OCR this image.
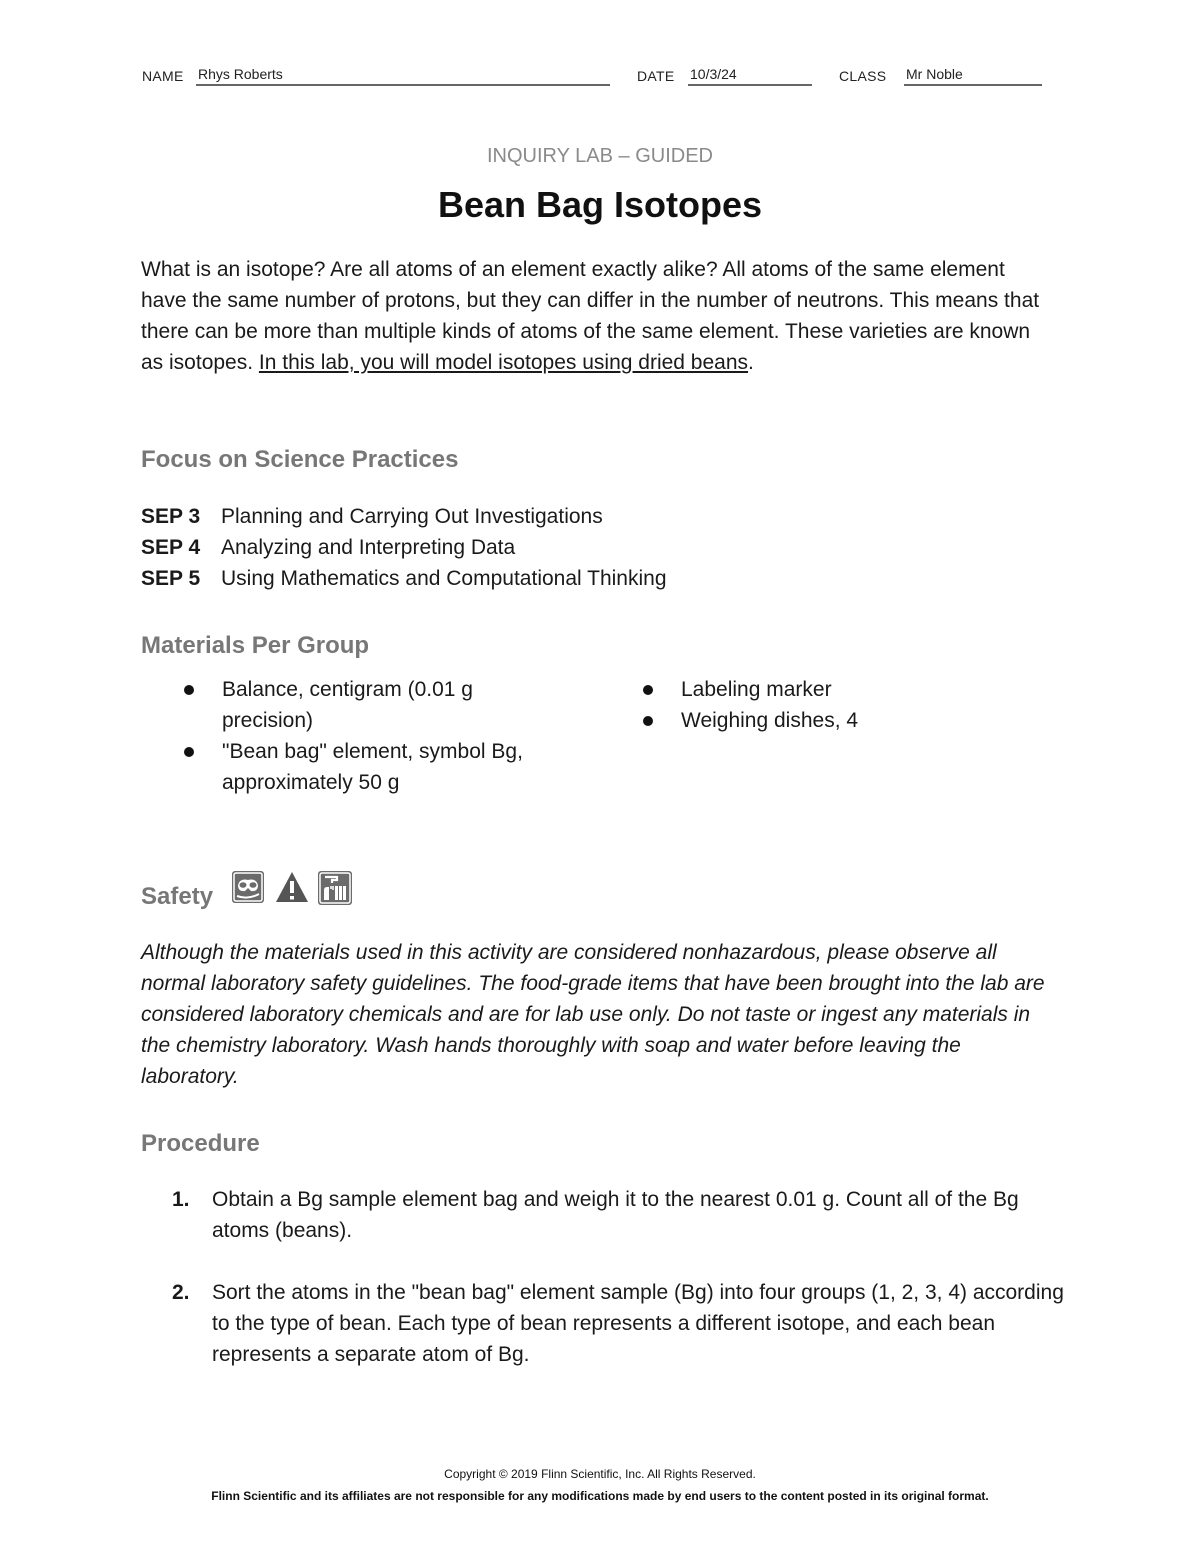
NAME Rhys Roberts	DATE 10/3/24	CLASS Mr Noble
INQUIRY LAB – GUIDED
Bean Bag Isotopes
What is an isotope? Are all atoms of an element exactly alike? All atoms of the same element have the same number of protons, but they can differ in the number of neutrons. This means that there can be more than multiple kinds of atoms of the same element. These varieties are known as isotopes. In this lab, you will model isotopes using dried beans.
Focus on Science Practices
SEP 3 Planning and Carrying Out Investigations
SEP 4 Analyzing and Interpreting Data
SEP 5 Using Mathematics and Computational Thinking
Materials Per Group
Balance, centigram (0.01 g precision)
"Bean bag" element, symbol Bg, approximately 50 g
Labeling marker
Weighing dishes, 4
Safety
Although the materials used in this activity are considered nonhazardous, please observe all normal laboratory safety guidelines. The food-grade items that have been brought into the lab are considered laboratory chemicals and are for lab use only. Do not taste or ingest any materials in the chemistry laboratory. Wash hands thoroughly with soap and water before leaving the laboratory.
Procedure
1. Obtain a Bg sample element bag and weigh it to the nearest 0.01 g. Count all of the Bg atoms (beans).
2. Sort the atoms in the "bean bag" element sample (Bg) into four groups (1, 2, 3, 4) according to the type of bean. Each type of bean represents a different isotope, and each bean represents a separate atom of Bg.
Copyright © 2019 Flinn Scientific, Inc. All Rights Reserved.
Flinn Scientific and its affiliates are not responsible for any modifications made by end users to the content posted in its original format.
